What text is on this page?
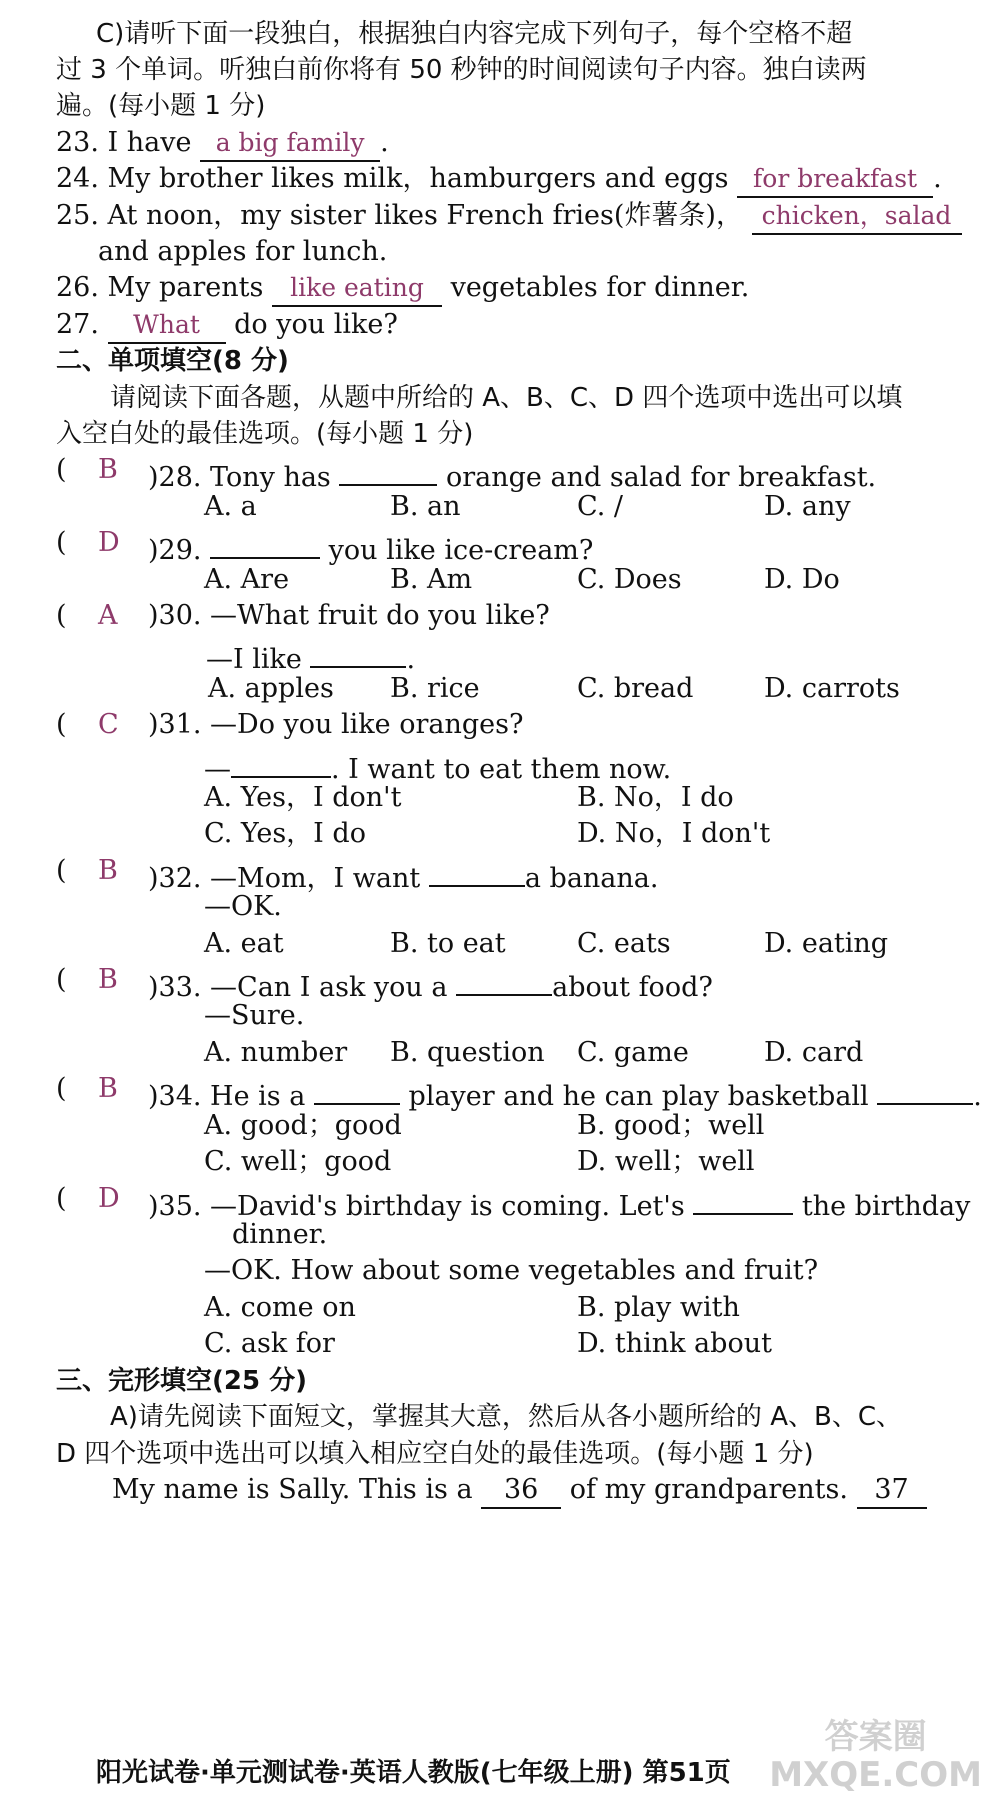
C)请听下面一段独白，根据独白内容完成下列句子，每个空格不超
过 3 个单词。听独白前你将有 50 秒钟的时间阅读句子内容。独白读两
遍。(每小题 1 分)
23. I have a big family .
24. My brother likes milk，hamburgers and eggs for breakfast .
25. At noon，my sister likes French fries(炸薯条)， chicken，salad
and apples for lunch.
26. My parents like eating vegetables for dinner.
27. What do you like?
二、单项填空(8 分)
请阅读下面各题，从题中所给的 A、B、C、D 四个选项中选出可以填
入空白处的最佳选项。(每小题 1 分)
( B )28. Tony has	orange and salad for breakfast.
A. a	B. an	C. /	D. any
( D )29.	you like ice-cream?
A. Are	B. Am	C. Does	D. Do
( A )30. —What fruit do you like?
—I like	.
A. apples B. rice	C. bread	D. carrots
( C )31. —Do you like oranges?
—	. I want to eat them now.
A. Yes，I don't	B. No，I do
C. Yes，I do	D. No，I don't
( B )32. —Mom，I want	a banana.
—OK.
A. eat	B. to eat	C. eats	D. eating
( B )33. —Can I ask you a	about food?
—Sure.
A. number B. question C. game	D. card
( B )34. He is a	player and he can play basketball	.
A. good；good	B. good；well
C. well；good	D. well；well
( D )35. —David's birthday is coming. Let's	the birthday
dinner.
—OK. How about some vegetables and fruit?
A. come on	B. play with
C. ask for	D. think about
三、完形填空(25 分)
A)请先阅读下面短文，掌握其大意，然后从各小题所给的 A、B、C、
D 四个选项中选出可以填入相应空白处的最佳选项。(每小题 1 分)
My name is Sally. This is a 36 of my grandparents. 37
阳光试卷·单元测试卷·英语人教版(七年级上册) 第51页
答案圈
MXQE.COM
